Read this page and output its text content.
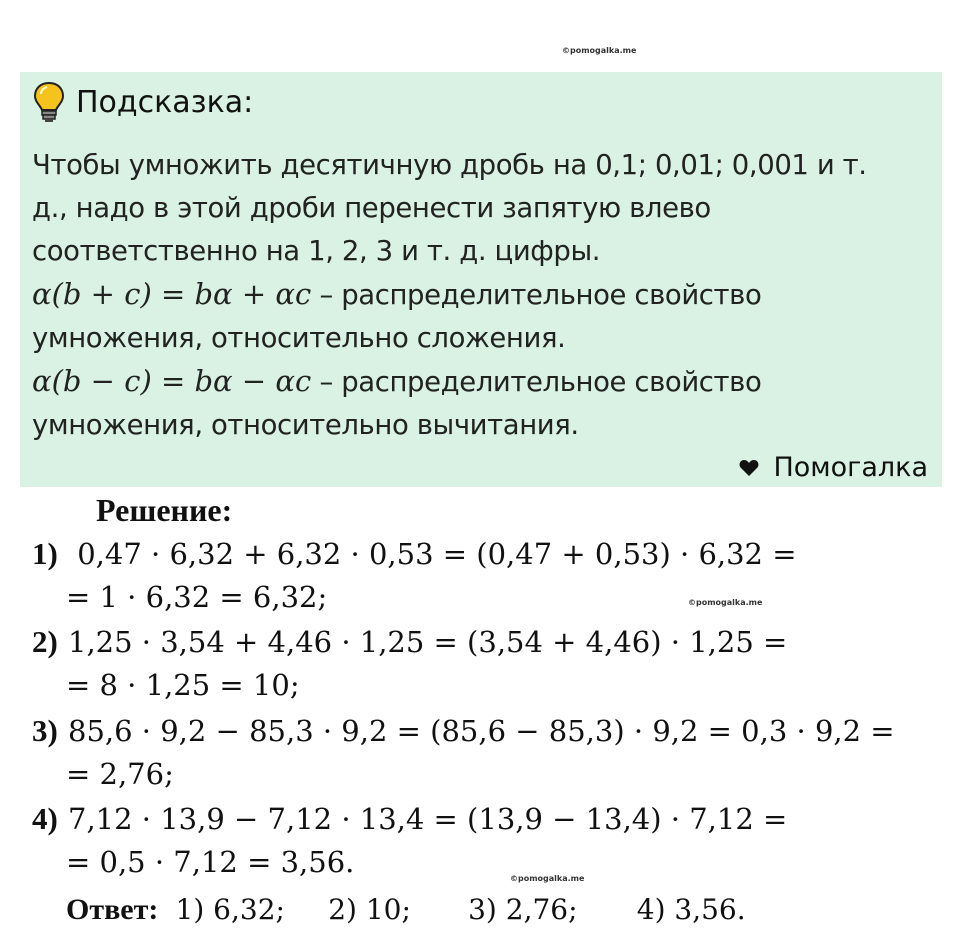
©pomogalka.me
©pomogalka.me
©pomogalka.me
Подсказка:
Чтобы умножить десятичную дробь на 0,1; 0,01; 0,001 и т.
д., надо в этой дроби перенести запятую влево
соответственно на 1, 2, 3 и т. д. цифры.
𝛼(𝑏 + c) = 𝑏𝛼 + 𝛼c – распределительное свойство
умножения, относительно сложения.
𝛼(𝑏 − c) = 𝑏𝛼 − 𝛼c – распределительное свойство
умножения, относительно вычитания.
Помогалка
Решение:
1) 0,47 · 6,32 + 6,32 · 0,53 = (0,47 + 0,53) · 6,32 =
= 1 · 6,32 = 6,32;
2) 1,25 · 3,54 + 4,46 · 1,25 = (3,54 + 4,46) · 1,25 =
= 8 · 1,25 = 10;
3) 85,6 · 9,2 − 85,3 · 9,2 = (85,6 − 85,3) · 9,2 = 0,3 · 9,2 =
= 2,76;
4) 7,12 · 13,9 − 7,12 · 13,4 = (13,9 − 13,4) · 7,12 =
= 0,5 · 7,12 = 3,56.
Ответ: 1) 6,32; 2) 10; 3) 2,76; 4) 3,56.
